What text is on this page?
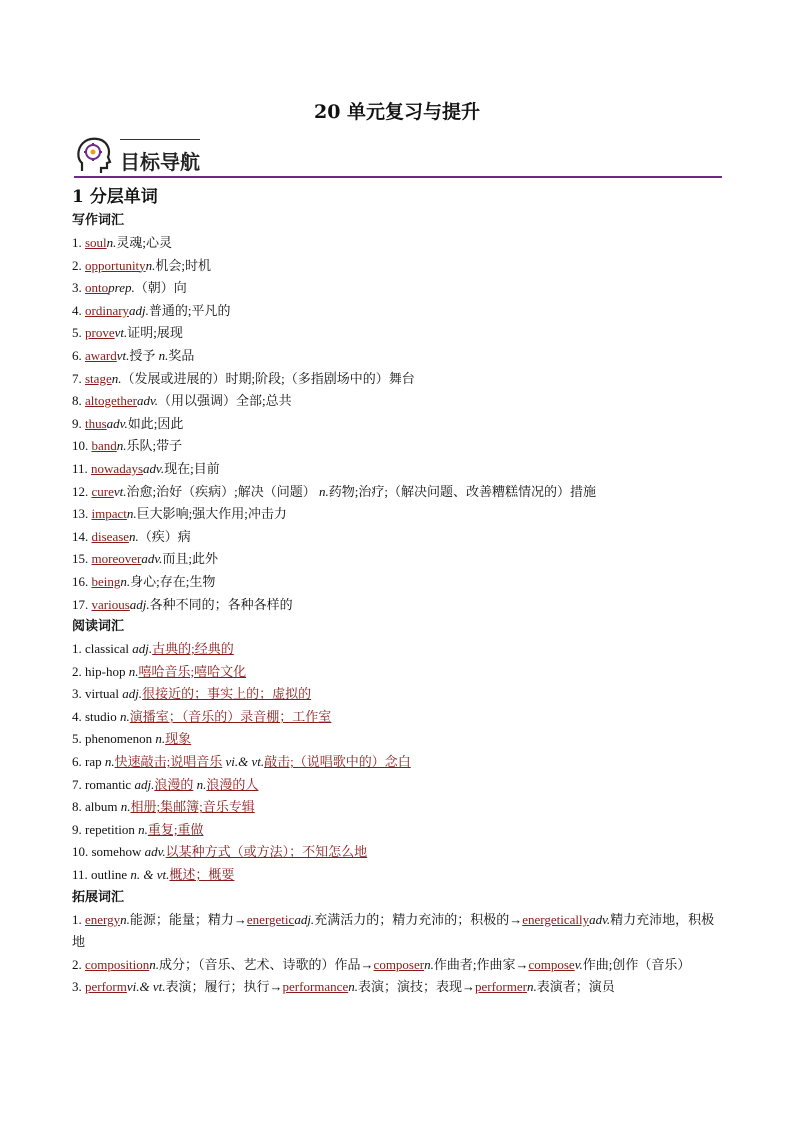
20 单元复习与提升
目标导航
1 分层单词
写作词汇
1. souln.灵魂;心灵
2. opportunityn.机会;时机
3. ontoprep.（朝）向
4. ordinaryadj.普通的;平凡的
5. provevt.证明;展现
6. awardvt.授予 n.奖品
7. stagen.（发展或进展的）时期;阶段;（多指剧场中的）舞台
8. altogetheradv.（用以强调）全部;总共
9. thusadv.如此;因此
10. bandn.乐队;带子
11. nowadaysadv.现在;目前
12. curevt.治愈;治好（疾病）;解决（问题） n.药物;治疗;（解决问题、改善糟糕情况的）措施
13. impactn.巨大影响;强大作用;冲击力
14. diseasen.（疾）病
15. moreoveradv.而且;此外
16. beingn.身心;存在;生物
17. variousadj.各种不同的；各种各样的
阅读词汇
1. classical adj.古典的;经典的
2. hip-hop n.嘻哈音乐;嘻哈文化
3. virtual adj.很接近的；事实上的；虚拟的
4. studio n.演播室；（音乐的）录音棚；工作室
5. phenomenon n.现象
6. rap n.快速敲击;说唱音乐 vi.& vt.敲击;（说唱歌中的）念白
7. romantic adj.浪漫的 n.浪漫的人
8. album n.相册;集邮簿;音乐专辑
9. repetition n.重复;重做
10. somehow adv.以某种方式（或方法）；不知怎么地
11. outline n. & vt.概述；概要
拓展词汇
1. energyn.能源；能量；精力→energeticadj.充满活力的；精力充沛的；积极的→energeticallyadv.精力充沛地，积极地
2. compositionn.成分；（音乐、艺术、诗歌的）作品→composern.作曲者;作曲家→composev.作曲;创作（音乐）
3. performvi.& vt.表演；履行；执行→performancen.表演；演技；表现→performern.表演者；演员
